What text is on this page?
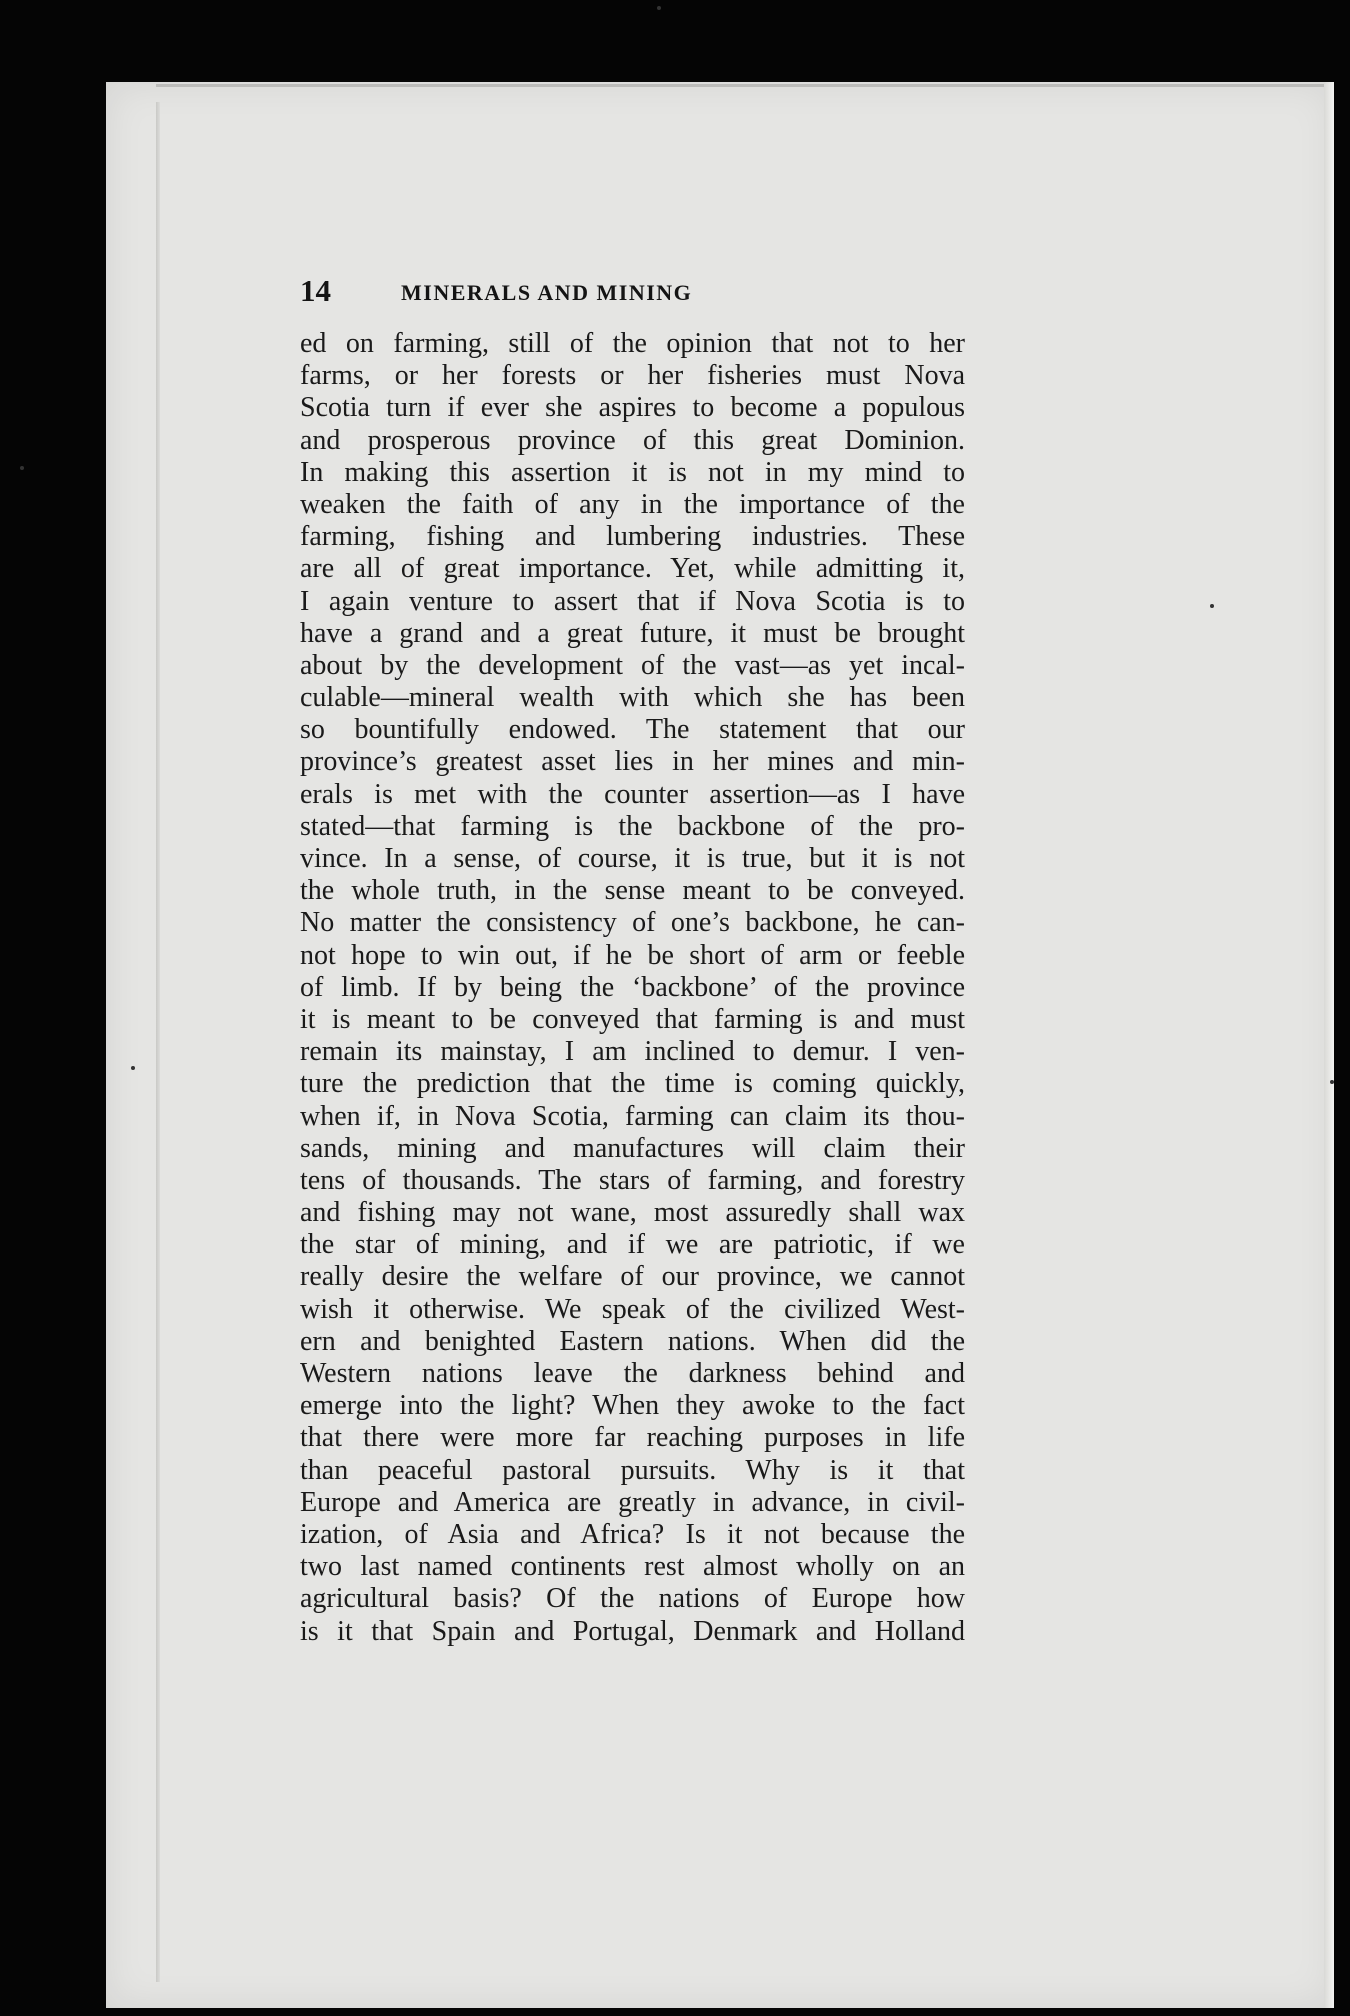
14	MINERALS AND MINING
ed on farming, still of the opinion that not to her
farms, or her forests or her fisheries must Nova
Scotia turn if ever she aspires to become a populous
and prosperous province of this great Dominion.
In making this assertion it is not in my mind to
weaken the faith of any in the importance of the
farming, fishing and lumbering industries. These
are all of great importance. Yet, while admitting it,
I again venture to assert that if Nova Scotia is to
have a grand and a great future, it must be brought
about by the development of the vast—as yet incal-
culable—mineral wealth with which she has been
so bountifully endowed. The statement that our
province’s greatest asset lies in her mines and min-
erals is met with the counter assertion—as I have
stated—that farming is the backbone of the pro-
vince. In a sense, of course, it is true, but it is not
the whole truth, in the sense meant to be conveyed.
No matter the consistency of one’s backbone, he can-
not hope to win out, if he be short of arm or feeble
of limb. If by being the ‘backbone’ of the province
it is meant to be conveyed that farming is and must
remain its mainstay, I am inclined to demur. I ven-
ture the prediction that the time is coming quickly,
when if, in Nova Scotia, farming can claim its thou-
sands, mining and manufactures will claim their
tens of thousands. The stars of farming, and forestry
and fishing may not wane, most assuredly shall wax
the star of mining, and if we are patriotic, if we
really desire the welfare of our province, we cannot
wish it otherwise. We speak of the civilized West-
ern and benighted Eastern nations. When did the
Western nations leave the darkness behind and
emerge into the light? When they awoke to the fact
that there were more far reaching purposes in life
than peaceful pastoral pursuits. Why is it that
Europe and America are greatly in advance, in civil-
ization, of Asia and Africa? Is it not because the
two last named continents rest almost wholly on an
agricultural basis? Of the nations of Europe how
is it that Spain and Portugal, Denmark and Holland
